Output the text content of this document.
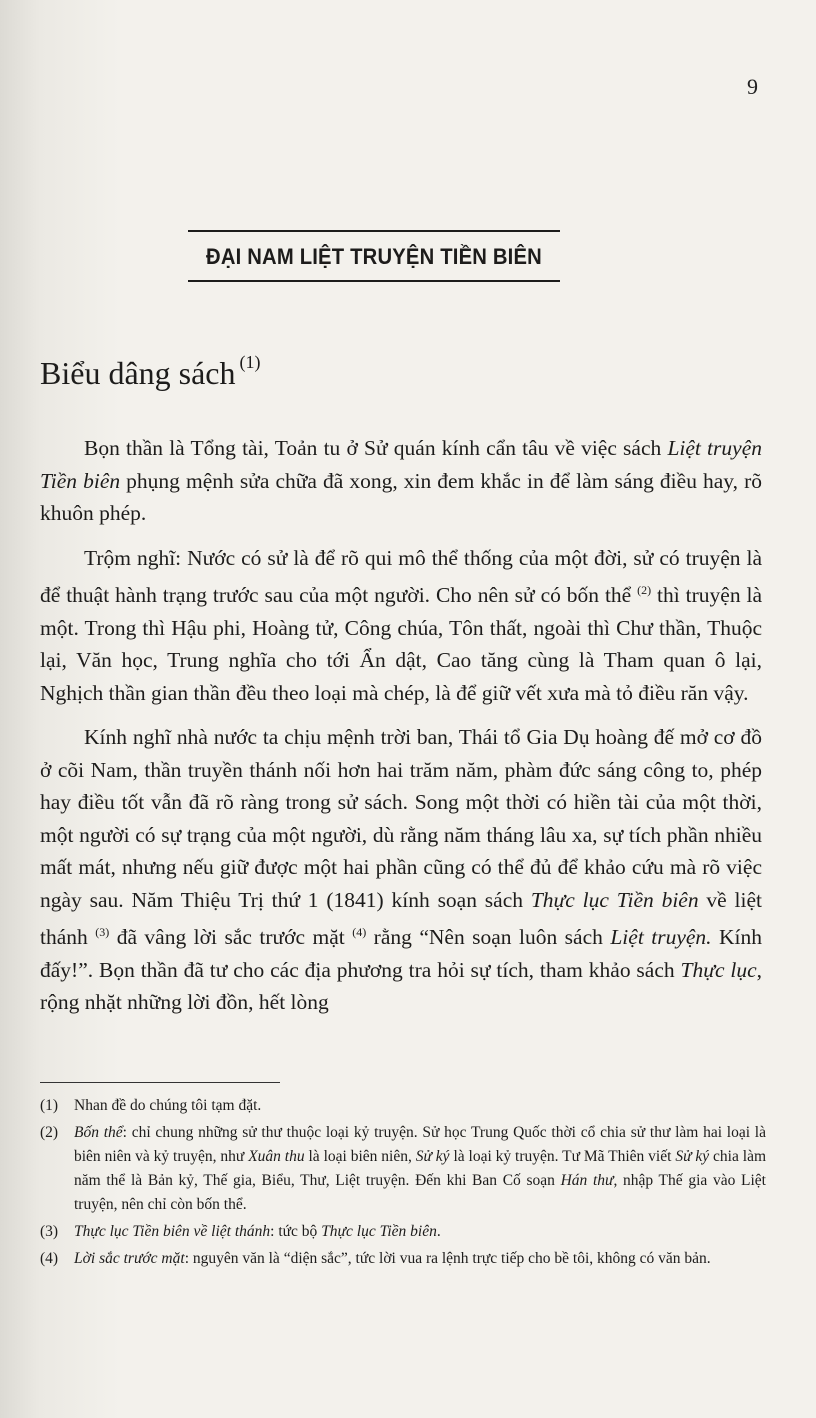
9
ĐẠI NAM LIỆT TRUYỆN TIỀN BIÊN
Biểu dâng sách $^{(1)}$

Bọn thần là Tổng tài, Toản tu ở Sử quán kính cẩn tâu về việc sách Liệt truyện Tiền biên phụng mệnh sửa chữa đã xong, xin đem khắc in để làm sáng điều hay, rõ khuôn phép.

Trộm nghĩ: Nước có sử là để rõ qui mô thể thống của một đời, sử có truyện là để thuật hành trạng trước sau của một người. Cho nên sử có bốn thể $^{(2)}$ thì truyện là một. Trong thì Hậu phi, Hoàng tử, Công chúa, Tôn thất, ngoài thì Chư thần, Thuộc lại, Văn học, Trung nghĩa cho tới Ẩn dật, Cao tăng cùng là Tham quan ô lại, Nghịch thần gian thần đều theo loại mà chép, là để giữ vết xưa mà tỏ điều răn vậy.

Kính nghĩ nhà nước ta chịu mệnh trời ban, Thái tổ Gia Dụ hoàng đế mở cơ đồ ở cõi Nam, thần truyền thánh nối hơn hai trăm năm, phàm đức sáng công to, phép hay điều tốt vẫn đã rõ ràng trong sử sách. Song một thời có hiền tài của một thời, một người có sự trạng của một người, dù rằng năm tháng lâu xa, sự tích phần nhiều mất mát, nhưng nếu giữ được một hai phần cũng có thể đủ để khảo cứu mà rõ việc ngày sau. Năm Thiệu Trị thứ 1 (1841) kính soạn sách Thực lục Tiền biên về liệt thánh $^{(3)}$ đã vâng lời sắc trước mặt $^{(4)}$ rằng “Nên soạn luôn sách Liệt truyện. Kính đấy!”. Bọn thần đã tư cho các địa phương tra hỏi sự tích, tham khảo sách Thực lục, rộng nhặt những lời đồn, hết lòng

(1)	Nhan đề do chúng tôi tạm đặt.
(2)	Bốn thể: chỉ chung những sử thư thuộc loại kỷ truyện. Sử học Trung Quốc thời cổ chia sử thư làm hai loại là biên niên và kỷ truyện, như Xuân thu là loại biên niên, Sử ký là loại kỷ truyện. Tư Mã Thiên viết Sử ký chia làm năm thể là Bản kỷ, Thế gia, Biểu, Thư, Liệt truyện. Đến khi Ban Cố soạn Hán thư, nhập Thế gia vào Liệt truyện, nên chỉ còn bốn thể.
(3)	Thực lục Tiền biên về liệt thánh: tức bộ Thực lục Tiền biên.
(4)	Lời sắc trước mặt: nguyên văn là “diện sắc”, tức lời vua ra lệnh trực tiếp cho bề tôi, không có văn bản.
